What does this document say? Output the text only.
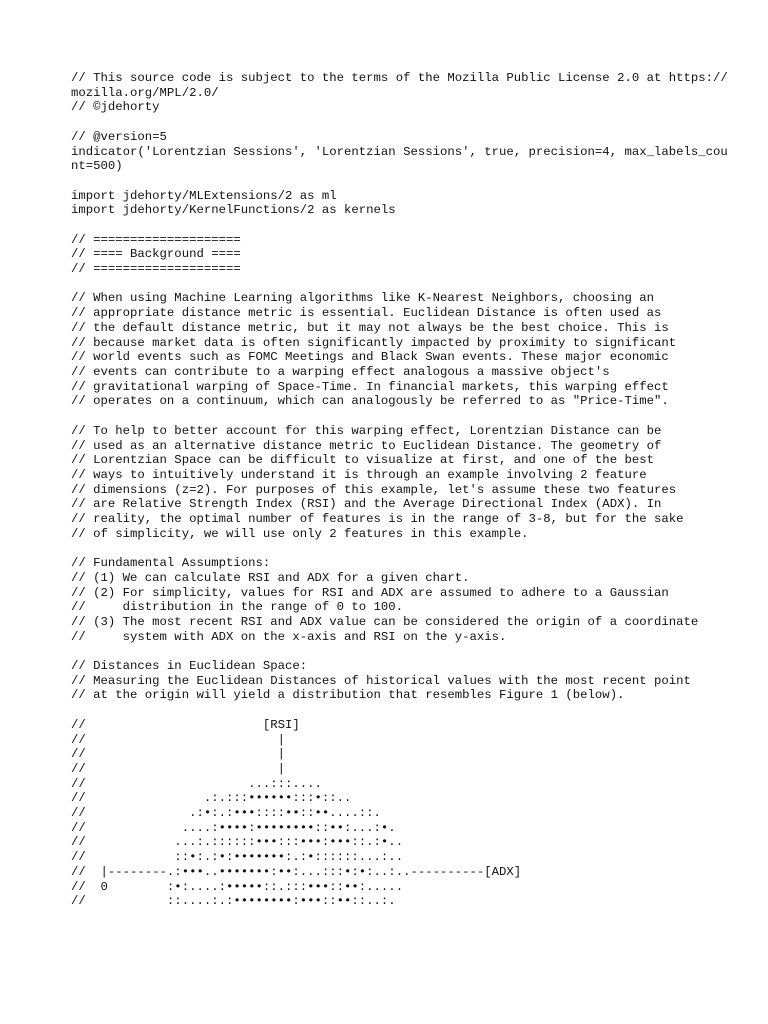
// This source code is subject to the terms of the Mozilla Public License 2.0 at https://mozilla.org/MPL/2.0/
// ©jdehorty
// @version=5
indicator('Lorentzian Sessions', 'Lorentzian Sessions', true, precision=4, max_labels_count=500)
import jdehorty/MLExtensions/2 as ml
import jdehorty/KernelFunctions/2 as kernels
// ====================
// ==== Background ====
// ====================
// When using Machine Learning algorithms like K-Nearest Neighbors, choosing an
// appropriate distance metric is essential. Euclidean Distance is often used as
// the default distance metric, but it may not always be the best choice. This is
// because market data is often significantly impacted by proximity to significant
// world events such as FOMC Meetings and Black Swan events. These major economic
// events can contribute to a warping effect analogous a massive object's
// gravitational warping of Space-Time. In financial markets, this warping effect
// operates on a continuum, which can analogously be referred to as "Price-Time".
// To help to better account for this warping effect, Lorentzian Distance can be
// used as an alternative distance metric to Euclidean Distance. The geometry of
// Lorentzian Space can be difficult to visualize at first, and one of the best
// ways to intuitively understand it is through an example involving 2 feature
// dimensions (z=2). For purposes of this example, let's assume these two features
// are Relative Strength Index (RSI) and the Average Directional Index (ADX). In
// reality, the optimal number of features is in the range of 3-8, but for the sake
// of simplicity, we will use only 2 features in this example.
// Fundamental Assumptions:
// (1) We can calculate RSI and ADX for a given chart.
// (2) For simplicity, values for RSI and ADX are assumed to adhere to a Gaussian
//     distribution in the range of 0 to 100.
// (3) The most recent RSI and ADX value can be considered the origin of a coordinate
//     system with ADX on the x-axis and RSI on the y-axis.
// Distances in Euclidean Space:
// Measuring the Euclidean Distances of historical values with the most recent point
// at the origin will yield a distribution that resembles Figure 1 (below).
//                        [RSI]
//                          |
//                          |
//                          |
//                      ...:::....
//                .:.:::••••••:::•::..
//              .:•:.:•••::::••::••....::.
//             ....:••••:••••••••::••:...:•.
//            ...:.::::::•••:::•••:•••::.:•..
//            ::•:.:•:•••••••:.:•::::::...:..
//  |--------.:•••..•••••••:••:...:::•:•:..:..----------[ADX]
//  0        :•:....:•••••::.:::•••::••:.....
//           ::....:.:••••••••:•••::••::..:.
